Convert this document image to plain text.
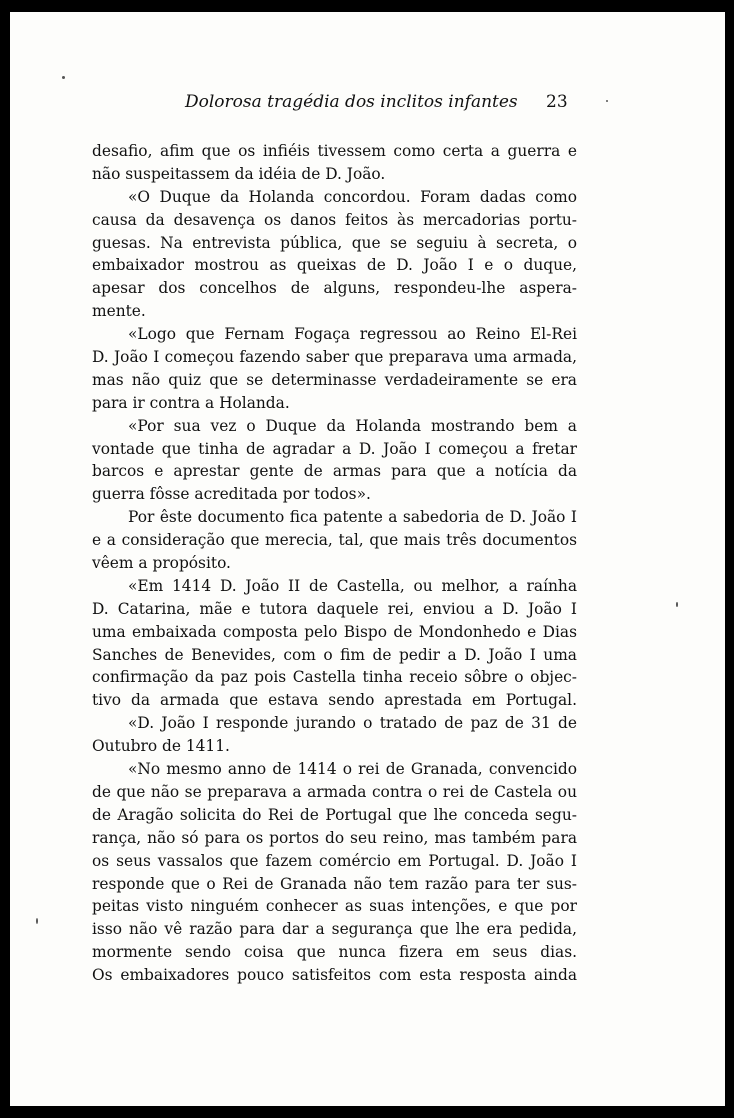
Dolorosa tragédia dos inclitos infantes 23
desafio, afim que os infiéis tivessem como certa a guerra e
não suspeitassem da idéia de D. João.
«O Duque da Holanda concordou. Foram dadas como
causa da desavença os danos feitos às mercadorias portu-
guesas. Na entrevista pública, que se seguiu à secreta, o
embaixador mostrou as queixas de D. João I e o duque,
apesar dos concelhos de alguns, respondeu-lhe aspera-
mente.
«Logo que Fernam Fogaça regressou ao Reino El-Rei
D. João I começou fazendo saber que preparava uma armada,
mas não quiz que se determinasse verdadeiramente se era
para ir contra a Holanda.
«Por sua vez o Duque da Holanda mostrando bem a
vontade que tinha de agradar a D. João I começou a fretar
barcos e aprestar gente de armas para que a notícia da
guerra fôsse acreditada por todos».
Por êste documento fica patente a sabedoria de D. João I
e a consideração que merecia, tal, que mais três documentos
vêem a propósito.
«Em 1414 D. João II de Castella, ou melhor, a raínha
D. Catarina, mãe e tutora daquele rei, enviou a D. João I
uma embaixada composta pelo Bispo de Mondonhedo e Dias
Sanches de Benevides, com o fim de pedir a D. João I uma
confirmação da paz pois Castella tinha receio sôbre o objec-
tivo da armada que estava sendo aprestada em Portugal.
«D. João I responde jurando o tratado de paz de 31 de
Outubro de 1411.
«No mesmo anno de 1414 o rei de Granada, convencido
de que não se preparava a armada contra o rei de Castela ou
de Aragão solicita do Rei de Portugal que lhe conceda segu-
rança, não só para os portos do seu reino, mas também para
os seus vassalos que fazem comércio em Portugal. D. João I
responde que o Rei de Granada não tem razão para ter sus-
peitas visto ninguém conhecer as suas intenções, e que por
isso não vê razão para dar a segurança que lhe era pedida,
mormente sendo coisa que nunca fizera em seus dias.
Os embaixadores pouco satisfeitos com esta resposta ainda
